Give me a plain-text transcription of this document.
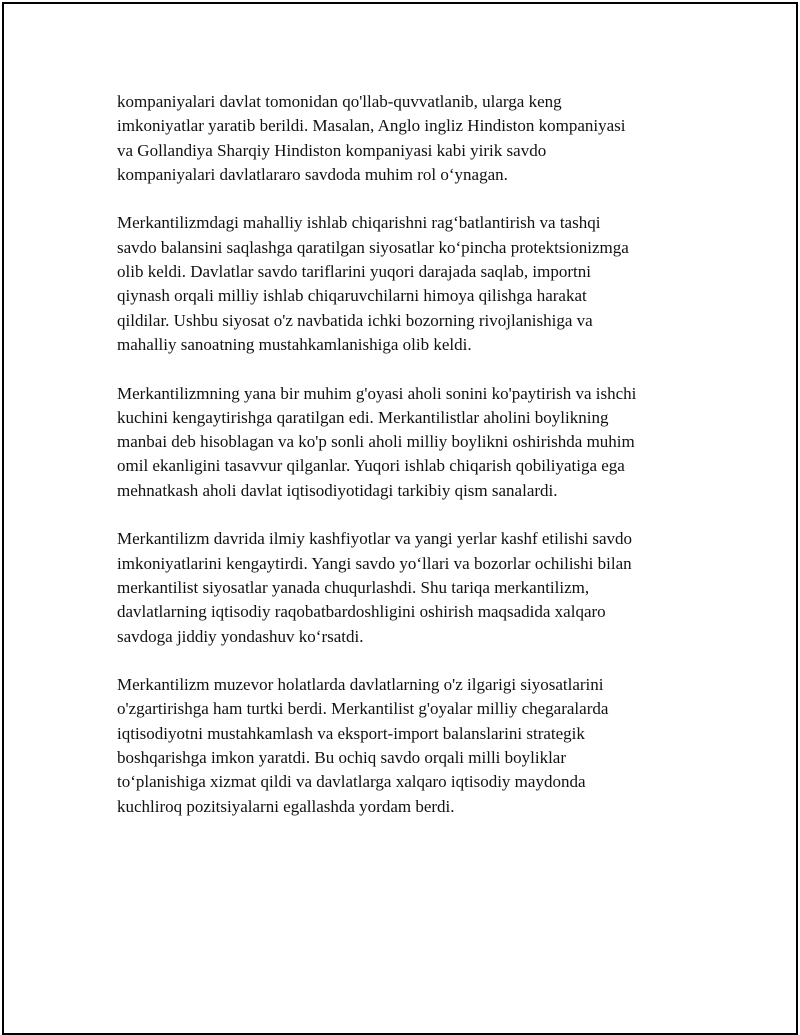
kompaniyalari davlat tomonidan qo'llab-quvvatlanib, ularga keng
imkoniyatlar yaratib berildi. Masalan, Anglo ingliz Hindiston kompaniyasi
va Gollandiya Sharqiy Hindiston kompaniyasi kabi yirik savdo
kompaniyalari davlatlararo savdoda muhim rol o‘ynagan.

Merkantilizmdagi mahalliy ishlab chiqarishni rag‘batlantirish va tashqi
savdo balansini saqlashga qaratilgan siyosatlar ko‘pincha protektsionizmga
olib keldi. Davlatlar savdo tariflarini yuqori darajada saqlab, importni
qiynash orqali milliy ishlab chiqaruvchilarni himoya qilishga harakat
qildilar. Ushbu siyosat o'z navbatida ichki bozorning rivojlanishiga va
mahalliy sanoatning mustahkamlanishiga olib keldi.

Merkantilizmning yana bir muhim g'oyasi aholi sonini ko'paytirish va ishchi
kuchini kengaytirishga qaratilgan edi. Merkantilistlar aholini boylikning
manbai deb hisoblagan va ko'p sonli aholi milliy boylikni oshirishda muhim
omil ekanligini tasavvur qilganlar. Yuqori ishlab chiqarish qobiliyatiga ega
mehnatkash aholi davlat iqtisodiyotidagi tarkibiy qism sanalardi.

Merkantilizm davrida ilmiy kashfiyotlar va yangi yerlar kashf etilishi savdo
imkoniyatlarini kengaytirdi. Yangi savdo yo‘llari va bozorlar ochilishi bilan
merkantilist siyosatlar yanada chuqurlashdi. Shu tariqa merkantilizm,
davlatlarning iqtisodiy raqobatbardoshligini oshirish maqsadida xalqaro
savdoga jiddiy yondashuv ko‘rsatdi.

Merkantilizm muzevor holatlarda davlatlarning o'z ilgarigi siyosatlarini
o'zgartirishga ham turtki berdi. Merkantilist g'oyalar milliy chegaralarda
iqtisodiyotni mustahkamlash va eksport-import balanslarini strategik
boshqarishga imkon yaratdi. Bu ochiq savdo orqali milli boyliklar
to‘planishiga xizmat qildi va davlatlarga xalqaro iqtisodiy maydonda
kuchliroq pozitsiyalarni egallashda yordam berdi.
